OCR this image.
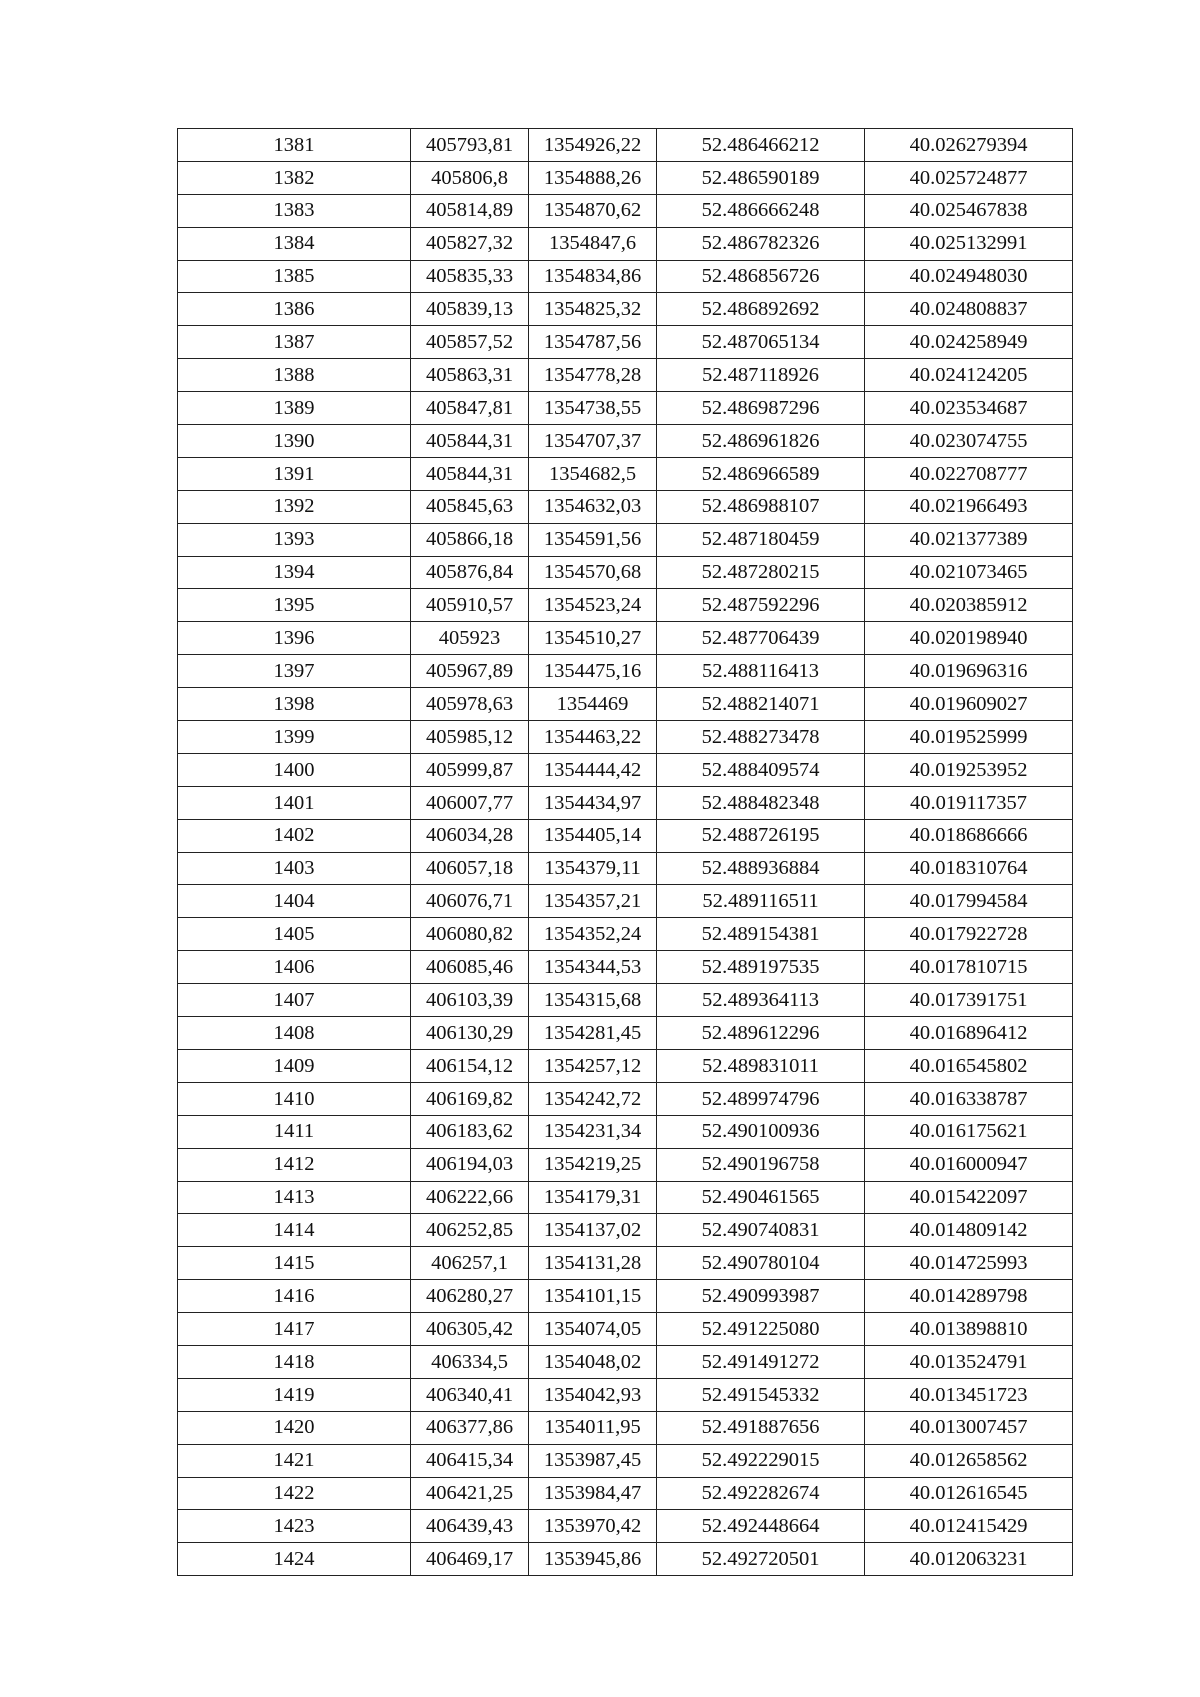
1381	405793,81	1354926,22	52.486466212	40.026279394
1382	405806,8	1354888,26	52.486590189	40.025724877
1383	405814,89	1354870,62	52.486666248	40.025467838
1384	405827,32	1354847,6	52.486782326	40.025132991
1385	405835,33	1354834,86	52.486856726	40.024948030
1386	405839,13	1354825,32	52.486892692	40.024808837
1387	405857,52	1354787,56	52.487065134	40.024258949
1388	405863,31	1354778,28	52.487118926	40.024124205
1389	405847,81	1354738,55	52.486987296	40.023534687
1390	405844,31	1354707,37	52.486961826	40.023074755
1391	405844,31	1354682,5	52.486966589	40.022708777
1392	405845,63	1354632,03	52.486988107	40.021966493
1393	405866,18	1354591,56	52.487180459	40.021377389
1394	405876,84	1354570,68	52.487280215	40.021073465
1395	405910,57	1354523,24	52.487592296	40.020385912
1396	405923	1354510,27	52.487706439	40.020198940
1397	405967,89	1354475,16	52.488116413	40.019696316
1398	405978,63	1354469	52.488214071	40.019609027
1399	405985,12	1354463,22	52.488273478	40.019525999
1400	405999,87	1354444,42	52.488409574	40.019253952
1401	406007,77	1354434,97	52.488482348	40.019117357
1402	406034,28	1354405,14	52.488726195	40.018686666
1403	406057,18	1354379,11	52.488936884	40.018310764
1404	406076,71	1354357,21	52.489116511	40.017994584
1405	406080,82	1354352,24	52.489154381	40.017922728
1406	406085,46	1354344,53	52.489197535	40.017810715
1407	406103,39	1354315,68	52.489364113	40.017391751
1408	406130,29	1354281,45	52.489612296	40.016896412
1409	406154,12	1354257,12	52.489831011	40.016545802
1410	406169,82	1354242,72	52.489974796	40.016338787
1411	406183,62	1354231,34	52.490100936	40.016175621
1412	406194,03	1354219,25	52.490196758	40.016000947
1413	406222,66	1354179,31	52.490461565	40.015422097
1414	406252,85	1354137,02	52.490740831	40.014809142
1415	406257,1	1354131,28	52.490780104	40.014725993
1416	406280,27	1354101,15	52.490993987	40.014289798
1417	406305,42	1354074,05	52.491225080	40.013898810
1418	406334,5	1354048,02	52.491491272	40.013524791
1419	406340,41	1354042,93	52.491545332	40.013451723
1420	406377,86	1354011,95	52.491887656	40.013007457
1421	406415,34	1353987,45	52.492229015	40.012658562
1422	406421,25	1353984,47	52.492282674	40.012616545
1423	406439,43	1353970,42	52.492448664	40.012415429
1424	406469,17	1353945,86	52.492720501	40.012063231
